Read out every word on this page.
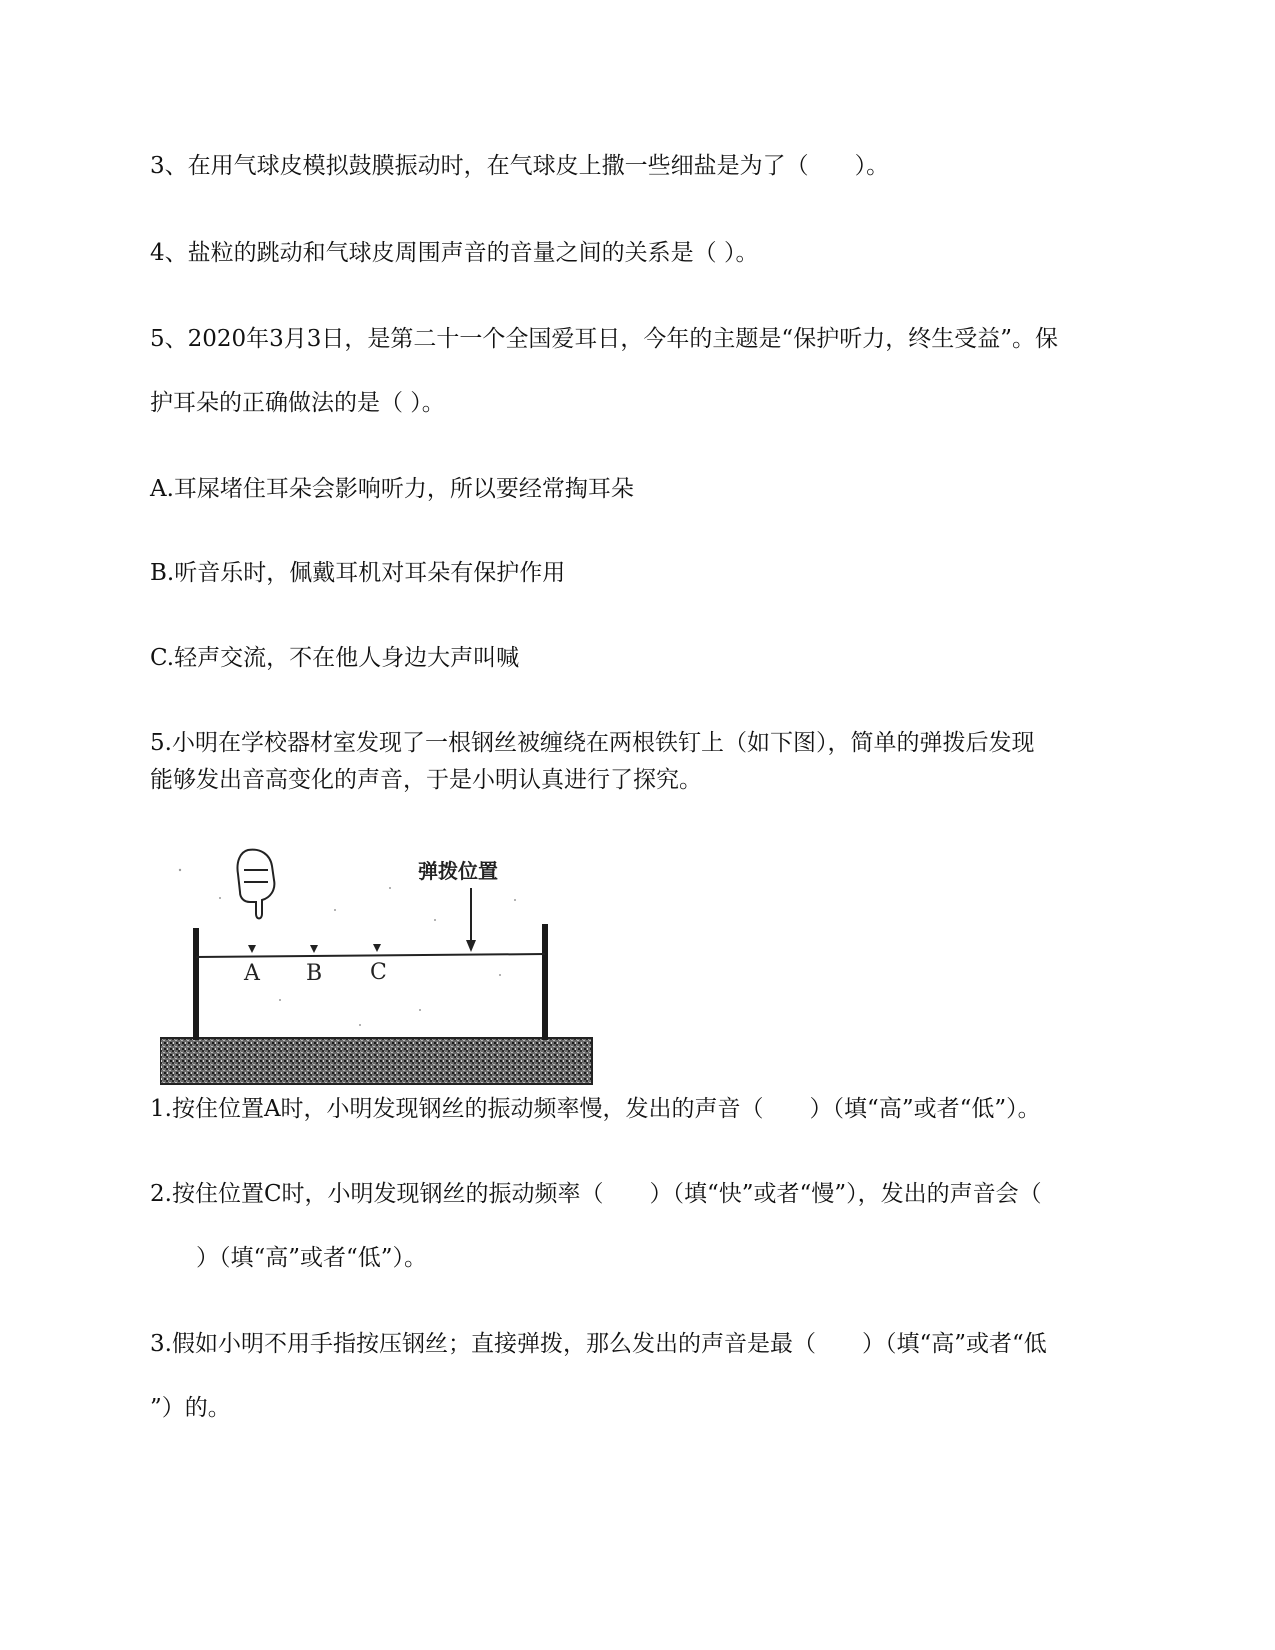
3、在用气球皮模拟鼓膜振动时，在气球皮上撒一些细盐是为了（　　）。
4、盐粒的跳动和气球皮周围声音的音量之间的关系是（ ）。
5、2020年3月3日，是第二十一个全国爱耳日，今年的主题是“保护听力，终生受益”。保
护耳朵的正确做法的是（ ）。
A.耳屎堵住耳朵会影响听力，所以要经常掏耳朵
B.听音乐时，佩戴耳机对耳朵有保护作用
C.轻声交流，不在他人身边大声叫喊
5.小明在学校器材室发现了一根钢丝被缠绕在两根铁钉上（如下图），简单的弹拨后发现
能够发出音高变化的声音，于是小明认真进行了探究。
A B C
弹拨位置
1.按住位置A时，小明发现钢丝的振动频率慢，发出的声音（　　）（填“高”或者“低”）。
2.按住位置C时，小明发现钢丝的振动频率（　　）（填“快”或者“慢”），发出的声音会（
　　）（填“高”或者“低”）。
3.假如小明不用手指按压钢丝；直接弹拨，那么发出的声音是最（　　）（填“高”或者“低
”）的。
